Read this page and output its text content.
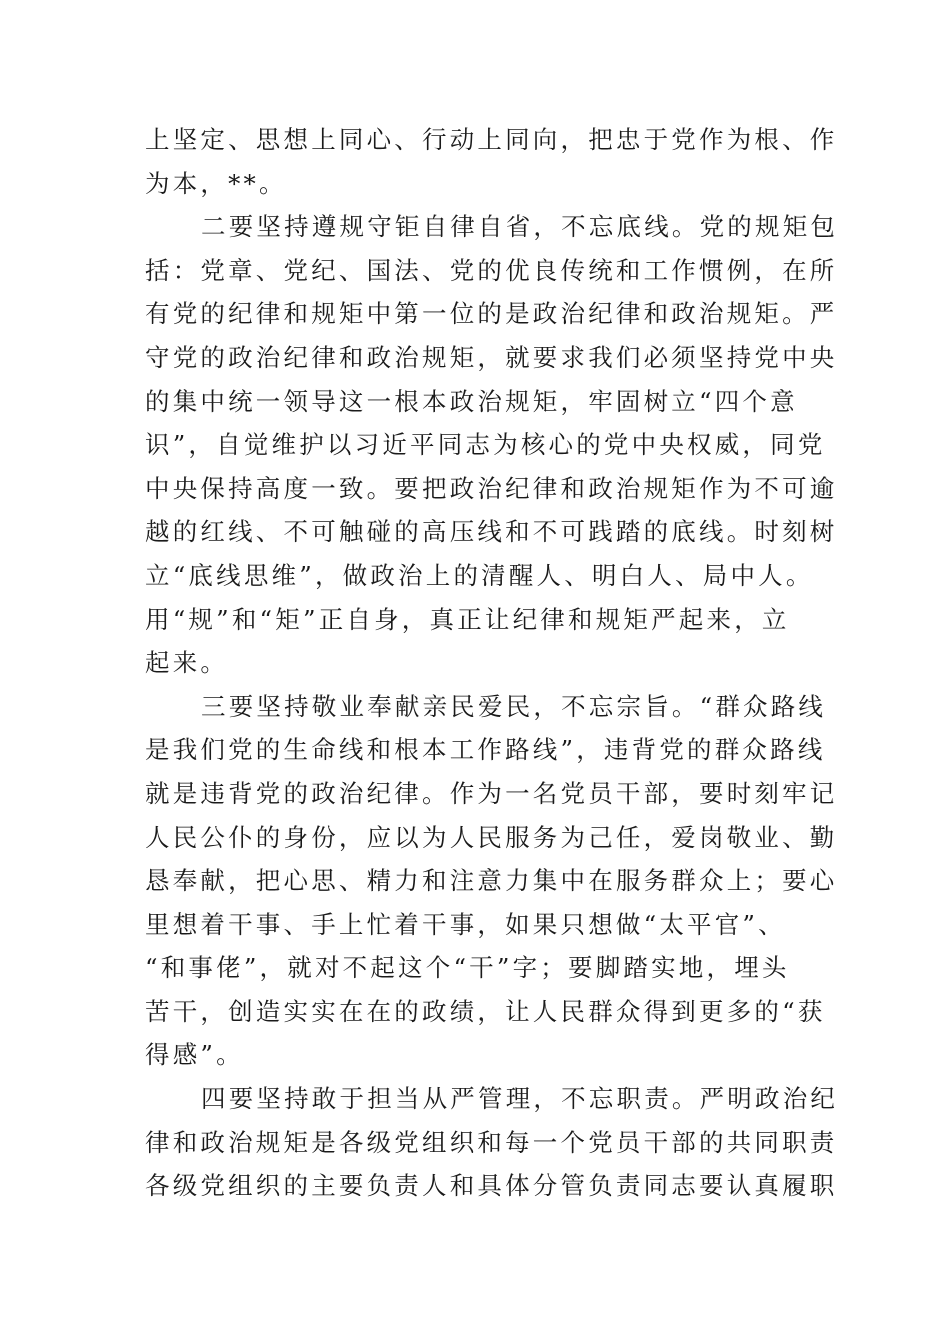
上坚定、思想上同心、行动上同向，把忠于党作为根、作
为本，**。
二要坚持遵规守钜自律自省，不忘底线。党的规矩包
括：党章、党纪、国法、党的优良传统和工作惯例，在所
有党的纪律和规矩中第一位的是政治纪律和政治规矩。严
守党的政治纪律和政治规矩，就要求我们必须坚持党中央
的集中统一领导这一根本政治规矩，牢固树立“四个意
识”，自觉维护以习近平同志为核心的党中央权威，同党
中央保持高度一致。要把政治纪律和政治规矩作为不可逾
越的红线、不可触碰的高压线和不可践踏的底线。时刻树
立“底线思维”，做政治上的清醒人、明白人、局中人。
用“规”和“矩”正自身，真正让纪律和规矩严起来，立
起来。
三要坚持敬业奉献亲民爱民，不忘宗旨。“群众路线
是我们党的生命线和根本工作路线”，违背党的群众路线
就是违背党的政治纪律。作为一名党员干部，要时刻牢记
人民公仆的身份，应以为人民服务为己任，爱岗敬业、勤
恳奉献，把心思、精力和注意力集中在服务群众上；要心
里想着干事、手上忙着干事，如果只想做“太平官”、
“和事佬”，就对不起这个“干”字；要脚踏实地，埋头
苦干，创造实实在在的政绩，让人民群众得到更多的“获
得感”。
四要坚持敢于担当从严管理，不忘职责。严明政治纪
律和政治规矩是各级党组织和每一个党员干部的共同职责
各级党组织的主要负责人和具体分管负责同志要认真履职
